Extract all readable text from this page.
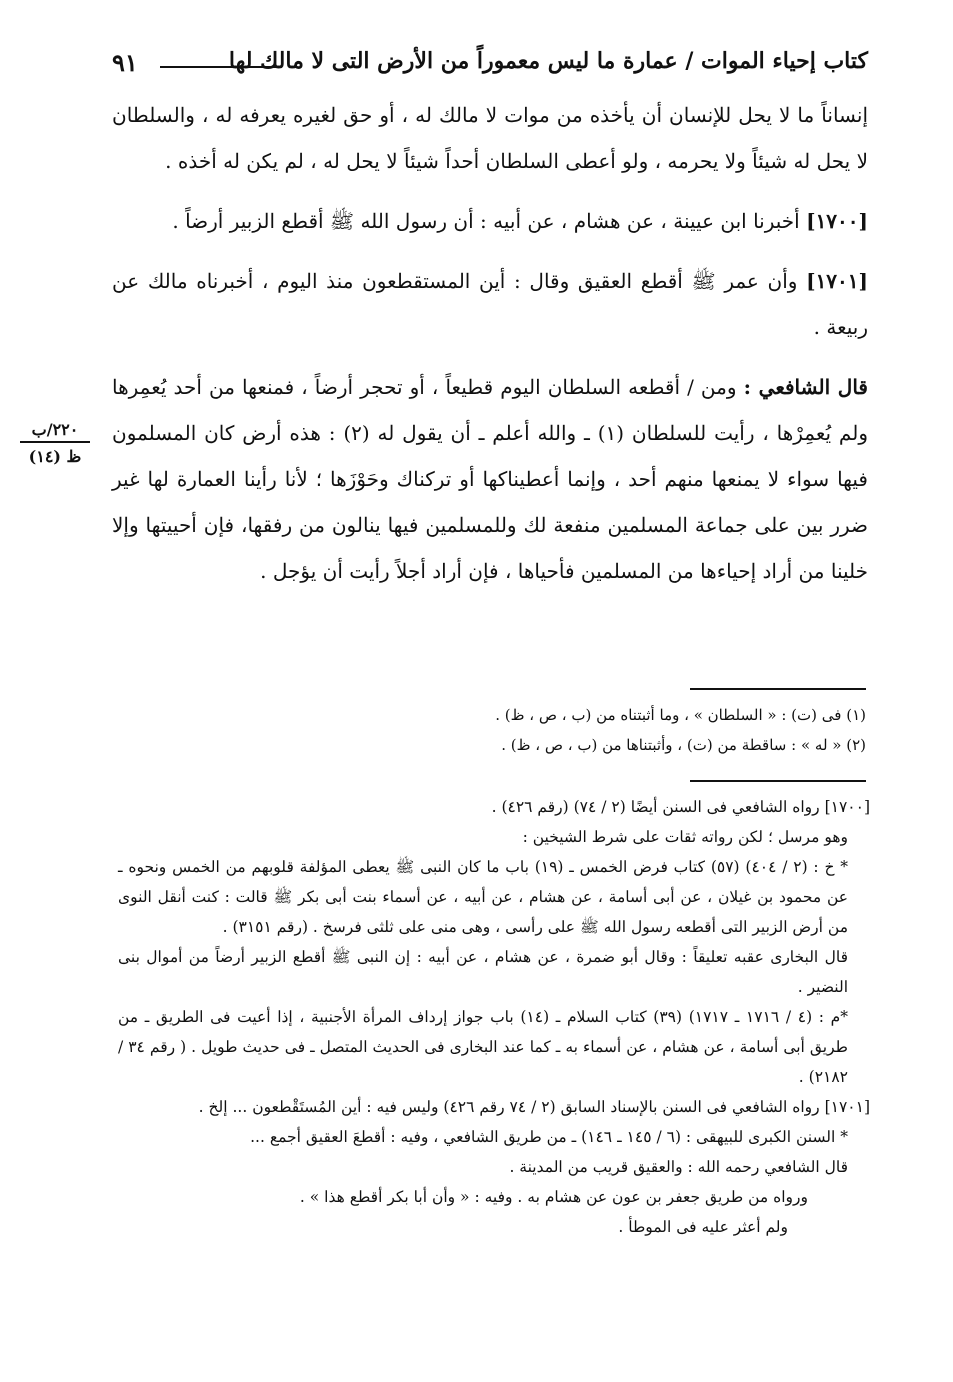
كتاب إحياء الموات / عمارة ما ليس معموراً من الأرض التى لا مالك لها
٩١

إنساناً ما لا يحل للإنسان أن يأخذه من موات لا مالك له ، أو حق لغيره يعرفه له ، والسلطان لا يحل له شيئاً ولا يحرمه ، ولو أعطى السلطان أحداً شيئاً لا يحل له ، لم يكن له أخذه .

[١٧٠٠] أخبرنا ابن عيينة ، عن هشام ، عن أبيه : أن رسول الله ﷺ أقطع الزبير أرضاً .

[١٧٠١] وأن عمر ﷺ أقطع العقيق وقال : أين المستقطعون منذ اليوم ، أخبرناه مالك عن ربيعة .

قال الشافعي : ومن / أقطعه السلطان اليوم قطيعاً ، أو تحجر أرضاً ، فمنعها من أحد يُعمِرها ولم يُعمِرْها ، رأيت للسلطان (١) ـ والله أعلم ـ أن يقول له (٢) : هذه أرض كان المسلمون فيها سواء لا يمنعها منهم أحد ، وإنما أعطيناكها أو تركناك وحَوْزَها ؛ لأنا رأينا العمارة لها غير ضرر بين على جماعة المسلمين منفعة لك وللمسلمين فيها ينالون من رفقها، فإن أحييتها وإلا خلينا من أراد إحياءها من المسلمين فأحياها ، فإن أراد أجلاً رأيت أن يؤجل .

٢٢٠/ب
ظ (١٤)
(١) فى (ت) : « السلطان » ، وما أثبتناه من (ب ، ص ، ظ) .
(٢) « له » : ساقطة من (ت) ، وأثبتناها من (ب ، ص ، ظ) .

[١٧٠٠] رواه الشافعي فى السنن أيضًا (٢ / ٧٤) (رقم ٤٢٦) .

وهو مرسل ؛ لكن رواته ثقات على شرط الشيخين :

* خ : (٢ / ٤٠٤) (٥٧) كتاب فرض الخمس ـ (١٩) باب ما كان النبى ﷺ يعطى المؤلفة قلوبهم من الخمس ونحوه ـ عن محمود بن غيلان ، عن أبى أسامة ، عن هشام ، عن أبيه ، عن أسماء بنت أبى بكر ﷺ قالت : كنت أنقل النوى من أرض الزبير التى أقطعه رسول الله ﷺ على رأسى ، وهى منى على ثلثى فرسخ . (رقم ٣١٥١) .

قال البخارى عقبه تعليقاً : وقال أبو ضمرة ، عن هشام ، عن أبيه : إن النبى ﷺ أقطع الزبير أرضاً من أموال بنى النضير .

*م : (٤ / ١٧١٦ ـ ١٧١٧) (٣٩) كتاب السلام ـ (١٤) باب جواز إرداف المرأة الأجنبية ، إذا أعيت فى الطريق ـ من طريق أبى أسامة ، عن هشام ، عن أسماء به ـ كما عند البخارى فى الحديث المتصل ـ فى حديث طويل . ( رقم ٣٤ / ٢١٨٢) .

[١٧٠١] رواه الشافعي فى السنن بالإسناد السابق (٢ / ٧٤ رقم ٤٢٦) وليس فيه : أين المُستَقْطعون ... إلخ .

* السنن الكبرى للبيهقى : (٦ / ١٤٥ ـ ١٤٦) ـ من طريق الشافعي ، وفيه : أقطعَ العقيق أجمع ...

قال الشافعي رحمه الله : والعقيق قريب من المدينة .

ورواه من طريق جعفر بن عون عن هشام به . وفيه : « وأن أبا بكر أقطع هذا » .

ولم أعثر عليه فى الموطأ .
